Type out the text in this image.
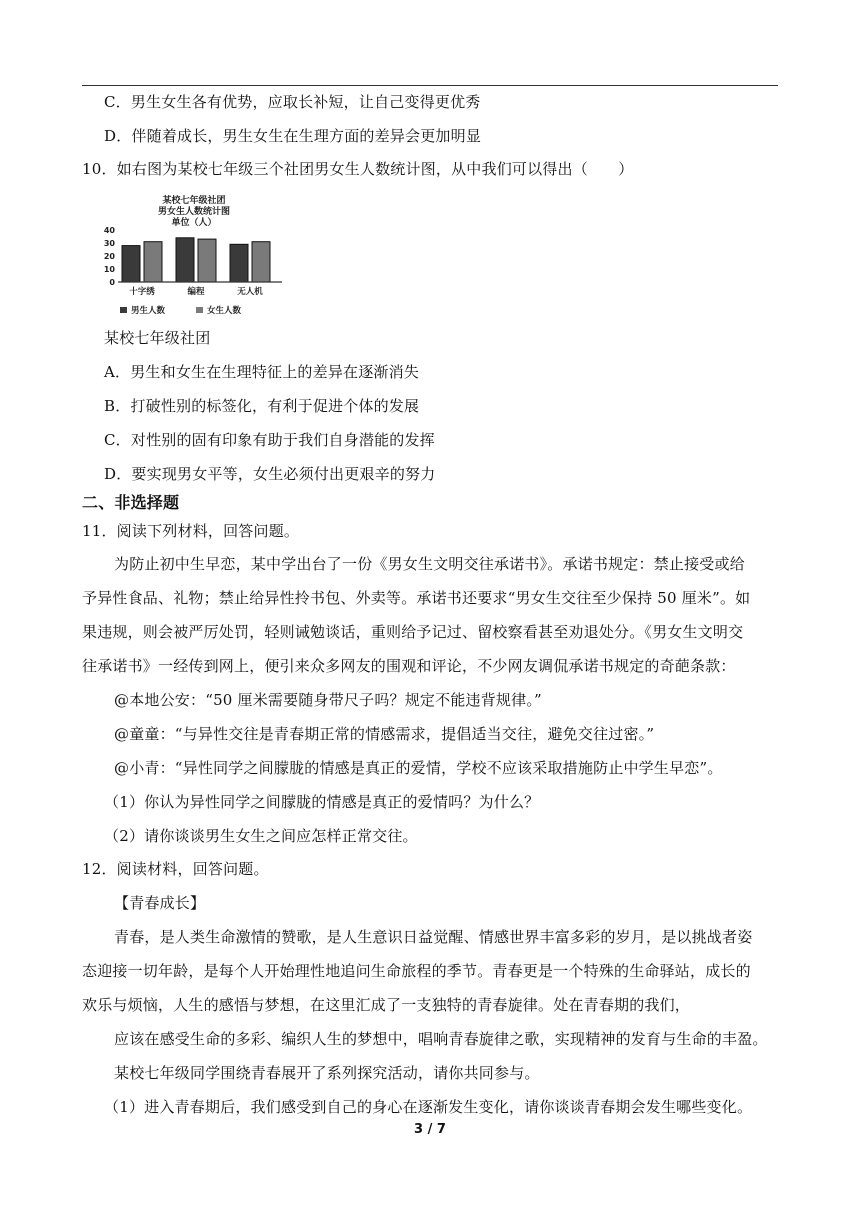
C．男生女生各有优势，应取长补短，让自己变得更优秀
D．伴随着成长，男生女生在生理方面的差异会更加明显
10．如右图为某校七年级三个社团男女生人数统计图，从中我们可以得出（　　）
某校七年级社团
男女生人数统计图
单位（人）
40
30
20
10
0
十字绣	编程	无人机
男生人数	女生人数
某校七年级社团
A．男生和女生在生理特征上的差异在逐渐消失
B．打破性别的标签化，有利于促进个体的发展
C．对性别的固有印象有助于我们自身潜能的发挥
D．要实现男女平等，女生必须付出更艰辛的努力
二、非选择题
11．阅读下列材料，回答问题。
为防止初中生早恋，某中学出台了一份《男女生文明交往承诺书》。承诺书规定：禁止接受或给
予异性食品、礼物；禁止给异性拎书包、外卖等。承诺书还要求“男女生交往至少保持 50 厘米”。如
果违规，则会被严厉处罚，轻则诫勉谈话，重则给予记过、留校察看甚至劝退处分。《男女生文明交
往承诺书》一经传到网上，便引来众多网友的围观和评论，不少网友调侃承诺书规定的奇葩条款：
@本地公安：“50 厘米需要随身带尺子吗？规定不能违背规律。”
@童童：“与异性交往是青春期正常的情感需求，提倡适当交往，避免交往过密。”
@小青：“异性同学之间朦胧的情感是真正的爱情，学校不应该采取措施防止中学生早恋”。
（1）你认为异性同学之间朦胧的情感是真正的爱情吗？为什么？
（2）请你谈谈男生女生之间应怎样正常交往。
12．阅读材料，回答问题。
【青春成长】
青春，是人类生命激情的赞歌，是人生意识日益觉醒、情感世界丰富多彩的岁月，是以挑战者姿
态迎接一切年龄，是每个人开始理性地追问生命旅程的季节。青春更是一个特殊的生命驿站，成长的
欢乐与烦恼，人生的感悟与梦想，在这里汇成了一支独特的青春旋律。处在青春期的我们，
应该在感受生命的多彩、编织人生的梦想中，唱响青春旋律之歌，实现精神的发育与生命的丰盈。
某校七年级同学围绕青春展开了系列探究活动，请你共同参与。
（1）进入青春期后，我们感受到自己的身心在逐渐发生变化，请你谈谈青春期会发生哪些变化。
3 / 7
